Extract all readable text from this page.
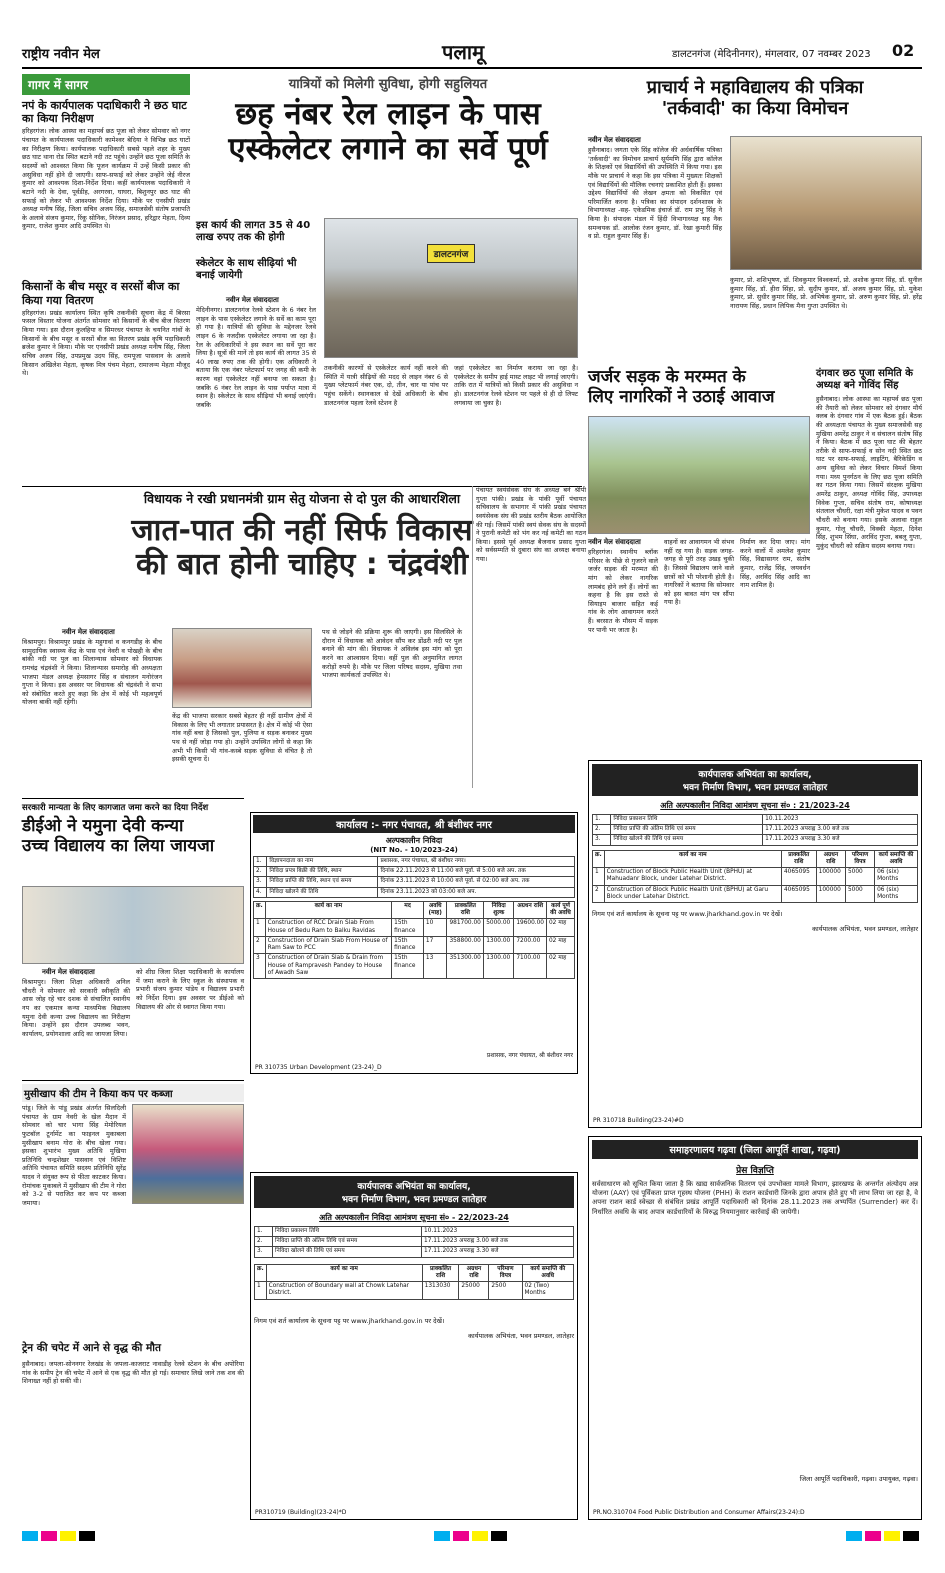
राष्ट्रीय नवीन मेल	पलामू	डालटनगंज (मेदिनीनगर), मंगलवार, 07 नवम्बर 2023 02
गागर में सागर
नपं के कार्यपालक पदाधिकारी ने छठ घाट का किया निरीक्षण
हरिहरगंज। लोक आस्था का महापर्व छठ पूजा को लेकर सोमवार को नगर पंचायत के कार्यपालक पदाधिकारी कामेश्वर बेदिया ने विभिन्न छठ घाटों का निरीक्षण किया। कार्यपालक पदाधिकारी सबसे पहले शहर के मुख्य छठ घाट थाना रोड स्थित बटाने नदी तट पहुंचे। उन्होंने छठ पूजा समिति के सदस्यों को आश्वस्त किया कि पूजन कार्यक्रम में उन्हें किसी प्रकार की असुविधा नहीं होने दी जाएगी। साफ-सफाई को लेकर उन्होंने जेई नीरज कुमार को आवश्यक दिशा-निर्देश दिया। कहीं कार्यपालक पदाधिकारी ने बटाने नदी के देवा, पूर्वडीह, अरगरवा, घाघरा, बिशुनपुर छठ घाट की सफाई को लेकर भी आवश्यक निर्देश दिया। मौके पर एनसीपी प्रखंड अध्यक्ष मनीष सिंह, जिला सचिव अजय सिंह, समाजसेवी संतोष प्रजापति के अलावे संजय कुमार, रिंकू सोनिक, निरंजन प्रसाद, हरिद्वार मेहता, दिव्य कुमार, राजेश कुमार आदि उपस्थित थे।
किसानों के बीच मसूर व सरसों बीज का किया गया वितरण
हरिहरगंज। प्रखंड कार्यालय स्थित कृषि तकनीकी सूचना केंद्र में बिरसा फसल विस्तार योजना अंतर्गत सोमवार को किसानों के बीच बीज वितरण किया गया। इस दौरान कुलहिया व सिमरधर पंचायत के चयनित गांवों के किसानों के बीच मसूर व सरसों बीज का वितरण प्रखंड कृषि पदाधिकारी ब्रजेश कुमार ने किया। मौके पर एनसीपी प्रखंड अध्यक्ष मनीष सिंह, जिला सचिव अजय सिंह, उपप्रमुख उदय सिंह, रामपूजा पासवान के अलावे किसान अखिलेश मेहता, कृषक मित्र पंचम मेहता, रामाजन्म मेहता मौजूद थे।
यात्रियों को मिलेगी सुविधा, होगी सहुलियत
छह नंबर रेल लाइन के पास
एस्केलेटर लगाने का सर्वे पूर्ण
इस कार्य की लागत 35 से 40 लाख रुपए तक की होगी
स्केलेटर के साथ सीढ़ियां भी बनाई जायेगी
नवीन मेल संवाददाता
मेदिनीनगर। डालटनगंज रेलवे स्टेशन के 6 नंबर रेल लाइन के पास एस्केलेटर लगाने के सर्वे का काम पूरा हो गया है। यात्रियों की सुविधा के मद्देनजर रेलवे लाइन 6 के नजदीक एस्केलेटर लगाया जा रहा है। रेल के अधिकारियों ने इस स्थान का सर्वे पूरा कर लिया है। सूत्रों की मानें तो इस कार्य की लागत 35 से 40 लाख रुपए तक की होगी। एक अधिकारी ने बताया कि एक नंबर प्लेटफार्म पर जगह की कमी के कारण वहां एस्केलेटर नहीं बनाया जा सकता है। जबकि 6 नंबर रेल लाइन के पास पर्याप्त मात्रा में स्थान है। स्केलेटर के साथ सीढ़ियां भी बनाई जाएंगी। जबकि
डालटनगंज
तकनीकी कारणों से एस्केलेटर कार्य नहीं करने की स्थिति में यात्री सीढ़ियों की मदद से लाइन नंबर 6 से मुख्य प्लेटफार्म नंबर एक, दो, तीन, चार या पांच पर पहुंच सकेंगे। स्थानकाल से देखें अधिकारी के बीच डालटनगंज पहला रेलवे स्टेशन है
जहां एस्केलेटर का निर्माण कराया जा रहा है। एस्केलेटर के समीप हाई मास्ट लाइट भी लगाई जाएगी। ताकि रात में यात्रियों को किसी प्रकार की असुविधा न हो। डालटनगंज रेलवे स्टेशन पर पहले से ही दो लिफ्ट लगवाया जा चुका है।
प्राचार्य ने महाविद्यालय की पत्रिका
'तर्कवादी' का किया विमोचन
नवीन मेल संवाददाता
हुसैनाबाद। जगता एके सिंह कॉलेज की अर्धवार्षिक पत्रिका 'तर्कवादी' का विमोचन प्राचार्य सूर्यमणि सिंह द्वारा कॉलेज के शिक्षकों एवं विद्यार्थियों की उपस्थिति में किया गया। इस मौके पर प्राचार्य ने कहा कि इस पत्रिका में मुख्यतः शिक्षकों एवं विद्यार्थियों की मौलिक रचनाएं प्रकाशित होती हैं। इसका उद्देश्य विद्यार्थियों की लेखन क्षमता को विकसित एवं परिमार्जित करना है। पत्रिका का संपादन दर्शनशास्त्र के विभागाध्यक्ष -सह- एकेडमिक इंचार्ज डॉ. राम प्रभु सिंह ने किया है। संपादक मंडल में हिंदी विभागाध्यक्ष सह नैक समन्वयक डॉ. आलोक रंजन कुमार, डॉ. रेखा कुमारी सिंह व प्रो. राहुल कुमार सिंह हैं।
कुमार, प्रो. शशिभूषण, डॉ. शिवकुमार विश्वकर्मा, प्रो. अशोक कुमार सिंह, डॉ. सुनील कुमार सिंह, डॉ. हीरा सिंहा, प्रो. सुदीप कुमार, डॉ. अजय कुमार सिंह, प्रो. मुकेश कुमार, प्रो. सुधीर कुमार सिंह, प्रो. अभिषेक कुमार, प्रो. अरुण कुमार सिंह, प्रो. हरेंद्र नारायण सिंह, प्रधान लिपिक मैना गुप्ता उपस्थित थे।
जर्जर सड़क के मरम्मत के
लिए नागरिकों ने उठाई आवाज
नवीन मेल संवाददाता
हरिहरगंज। स्थानीय ब्लॉक परिसर के पीछे से गुजरने वाले जर्जर सड़क की मरम्मत की मांग को लेकर नागरिक लामबंद होने लगे हैं। लोगों का कहना है कि इस रास्ते से सियाइप बाजार सहित कई गांव के लोग आवागमन करते हैं। बरसात के मौसम में सड़क पर पानी भर जाता है।
वाहनों का आवागमन भी संभव नहीं रह गया है। सड़क जगह-जगह से पूरी तरह उखड़ चुकी है। जिससे विद्यालय जाने वाले छात्रों को भी परेशानी होती है। नागरिकों ने बताया कि सोमवार को इस बावत मांग पत्र सौंपा गया है।
निर्माण कर दिया जाए। मांग करने वालों में अमलेश कुमार सिंह, विद्यासागर राम, संतोष कुमार, राजेंद्र सिंह, जयवर्धन सिंह, अरविंद सिंह आदि का नाम शामिल है।
दंगवार छठ पूजा समिति के अध्यक्ष बने गोविंद सिंह
हुसैनाबाद। लोक आस्था का महापर्व छठ पूजा की तैयारी को लेकर सोमवार को दंगवार मौर्य क्लब के दंगवार गांव में एक बैठक हुई। बैठक की अध्यक्षता पंचायत के मुख्य समाजसेवी सह मुखिया अमरेंद्र ठाकुर ने व संचालन संतोष सिंह ने किया। बैठक में छठ पूजा घाट की बेहतर तरीके से साफ-सफाई व सोन नदी स्थित छठ घाट पर साफ-सफाई, लाइटिंग, बैरिकेडिंग व अन्य सुविधा को लेकर विचार विमर्श किया गया। मध्य पुनर्गठन के लिए छठ पूजा समिति का गठन किया गया। जिसमें संरक्षक मुखिया अमरेंद्र ठाकुर, अध्यक्ष गोविंद सिंह, उपाध्यक्ष विवेक गुप्ता, सचिव संतोष राम, कोषाध्यक्ष संतलाल चौधरी, रक्षा मंत्री मुकेश यादव व पवन चौधरी को बनाया गया। इसके अलावा राहुल कुमार, गोलू चौधरी, विक्की मेहता, दिनेश सिंह, शुभम सिंघा, अरविंद गुप्ता, बबलू गुप्ता, मुकुंद चौधरी को सक्रिय सदस्य बनाया गया।
विधायक ने रखी प्रधानमंत्री ग्राम सेतु योजना से दो पुल की आधारशिला
जात-पात की नहीं सिर्फ विकास
की बात होनी चाहिए : चंद्रवंशी
नवीन मेल संवाददाता
विश्रामपुर। विश्रामपुर प्रखंड के महुगावां व कनगडीह के बीच सामुदायिक स्वास्थ्य केंद्र के पास एवं नेवरी व पोखही के बीच बांकी नदी पर पुल का शिलान्यास सोमवार को विधायक रामचंद्र चंद्रवंशी ने किया। शिलान्यास समारोह की अध्यक्षता भाजपा मंडल अध्यक्ष हेमसागर सिंह व संचालन मनोरंजन गुप्ता ने किया। इस अवसर पर विधायक श्री चंद्रवंशी ने सभा को संबोधित करते हुए कहा कि क्षेत्र में कोई भी महत्वपूर्ण योजना बाकी नहीं रहेगी।
केंद्र की भाजपा सरकार सबसे बेहतर ही नहीं ग्रामीण क्षेत्रों में विकास के लिए भी लगातार प्रयासरत है। क्षेत्र में कोई भी ऐसा गांव नहीं बचा है जिसको पुल, पुलिया व सड़क बनाकर मुख्य पथ से नहीं जोड़ा गया हो। उन्होंने उपस्थित लोगों से कहा कि अभी भी किसी भी गांव-कस्बे सड़क सुविधा से वंचित है तो इसकी सूचना दें।
पथ से जोड़ने की प्रक्रिया शुरू की जाएगी। इस सिलसिले के दौरान में विधायक को आवेदन सौंप कर डोंढरी नदी पर पुल बनाने की मांग की। विधायक ने अविलंब इस मांग को पूरा करने का आश्वासन दिया। वहीं पुल की अनुमानित लागत करोड़ों रुपये है। मौके पर जिला परिषद सदस्य, मुखिया तथा भाजपा कार्यकर्ता उपस्थित थे।
पंचायत स्वयंसेवक संघ के अध्यक्ष बने श्रीपी गुप्ता पांकी। प्रखंड के पांकी पूर्वी पंचायत सचिवालय के सभागार में पांकी प्रखंड पंचायत स्वयंसेवक संघ की प्रखंड स्तरीय बैठक आयोजित की गई। जिसमें पांकी स्वयं सेवक संघ के सदस्यों ने पुरानी कमेटी को भंग कर नई कमेटी का गठन किया। इससे पूर्व अध्यक्ष बैजनाथ प्रसाद गुप्ता को सर्वसम्मति से दुबारा संघ का अध्यक्ष बनाया गया।
सरकारी मान्यता के लिए कागजात जमा करने का दिया निर्देश
डीईओ ने यमुना देवी कन्या
उच्च विद्यालय का लिया जायजा
नवीन मेल संवाददाता
विश्रामपुर। जिला शिक्षा अधिकारी अनिल चौधरी ने सोमवार को सरकारी स्वीकृति की आस जोह रहे चार दशक से संचालित स्थानीय नप का एकमात्र कन्या माध्यमिक विद्यालय यमुना देवी कन्या उच्च विद्यालय का निरीक्षण किया। उन्होंने इस दौरान उपलब्ध भवन, कार्यालय, प्रयोगशाला आदि का जायजा लिया।
को शीघ्र जिला शिक्षा पदाधिकारी के कार्यालय में जमा कराने के लिए स्कूल के संस्थापक व प्रभारी संजय कुमार पांडेय व विद्यालय प्रभारी को निर्देश दिया। इस अवसर पर डीईओ को विद्यालय की ओर से स्वागत किया गया।
कार्यालय :- नगर पंचायत, श्री बंशीधर नगर
अल्पकालीन निविदा
(NIT No. - 10/2023-24)
1.	विज्ञापनदाता का नाम	प्रशासक, नगर पंचायत, श्री बंशीधर नगर।
2.	निविदा प्रपत्र बिक्री की तिथि, स्थान	दिनांक 22.11.2023 से 11:00 बजे पूर्वा. से 5:00 बजे अप. तक
3.	निविदा प्राप्ति की तिथि, स्थान एवं समय	दिनांक 23.11.2023 से 10:00 बजे पूर्वा. से 02:00 बजे अप. तक
4.	निविदा खोलने की तिथि	दिनांक 23.11.2023 को 03:00 बजे अप.
क्र.	कार्य का नाम	मद	अवधि (माह)	प्राक्कलित राशि	निविदा शुल्क	अग्रधन राशि	कार्य पूर्ण की अवधि
1	Construction of RCC Drain Slab From House of Bedu Ram to Balku Ravidas	15th finance	10	981700.00	5000.00	19600.00	02 माह
2	Construction of Drain Slab From House of Ram Saw to PCC	15th finance	17	358800.00	1300.00	7200.00	02 माह
3	Construction of Drain Slab & Drain from House of Rampravesh Pandey to House of Awadh Saw	15th finance	13	351300.00	1300.00	7100.00	02 माह
प्रशासक, नगर पंचायत, श्री बंशीधर नगर
PR 310735 Urban Development (23-24)_D
कार्यपालक अभियंता का कार्यालय,
भवन निर्माण विभाग, भवन प्रमण्डल लातेहार
अति अल्पकालीन निविदा आमंत्रण सूचना सं० : 21/2023-24
1.	निविदा प्रकाशन तिथि	10.11.2023
2.	निविदा प्राप्ति की अंतिम तिथि एवं समय	17.11.2023 अपराह्न 3.00 बजे तक
3.	निविदा खोलने की तिथि एवं समय	17.11.2023 अपराह्न 3.30 बजे
क्र.	कार्य का नाम	प्राक्कलित राशि	अग्रधन राशि	परिमाण विपत्र	कार्य समाप्ति की अवधि
1	Construction of Block Public Health Unit (BPHU) at Mahuadanr Block, under Latehar District.	4065095	100000	5000	06 (six) Months
2	Construction of Block Public Health Unit (BPHU) at Garu Block under Latehar District.	4065095	100000	5000	06 (six) Months
निगम एवं शर्त कार्यालय के सूचना पट्ट पर www.jharkhand.gov.in पर देखें।
कार्यपालक अभियंता, भवन प्रमण्डल, लातेहार
PR 310718 Building(23-24)#D
मुसीखाप की टीम ने किया कप पर कब्जा
पांडू। जिले के पांडू प्रखंड अंतर्गत सिलदिली पंचायत के ग्राम नेवरी के खेल मैदान में सोमवार को चार भागा सिंह मेमोरियल फुटबॉल टूर्नामेंट का फाइनल मुकाबला मुसीखाप बनाम गोरा के बीच खेला गया। इसका शुभारंभ मुख्य अतिथि मुखिया प्रतिनिधि चन्द्रशेखर पासवान एवं विशिष्ट अतिथि पंचायत समिति सदस्य प्रतिनिधि सुरेंद्र यादव ने संयुक्त रूप से फीता काटकर किया। रोमांचक मुकाबले में मुसीखाप की टीम ने गोरा को 3-2 से पराजित कर कप पर कब्जा जमाया।
ट्रेन की चपेट में आने से वृद्ध की मौत
हुसैनाबाद। जपला-सोननगर रेलखंड के जपला-काजराट नावाडीह रेलवे स्टेशन के बीच अपोरिया गांव के समीप ट्रेन की चपेट में आने से एक वृद्ध की मौत हो गई। समाचार लिखे जाने तक शव की शिनाख्त नहीं हो सकी थी।
कार्यपालक अभियंता का कार्यालय,
भवन निर्माण विभाग, भवन प्रमण्डल लातेहार
अति अल्पकालीन निविदा आमंत्रण सूचना सं० - 22/2023-24
1.	निविदा प्रकाशन तिथि	10.11.2023
2.	निविदा प्राप्ति की अंतिम तिथि एवं समय	17.11.2023 अपराह्न 3.00 बजे तक
3.	निविदा खोलने की तिथि एवं समय	17.11.2023 अपराह्न 3.30 बजे
क्र.	कार्य का नाम	प्राक्कलित राशि	अग्रधन राशि	परिमाण विपत्र	कार्य समाप्ति की अवधि
1	Construction of Boundary wall at Chowk Latehar District.	1313030	25000	2500	02 (Two) Months
निगम एवं शर्त कार्यालय के सूचना पट्ट पर www.jharkhand.gov.in पर देखें।
कार्यपालक अभियंता, भवन प्रमण्डल, लातेहार
PR310719 (Building)(23-24)*D
समाहरणालय गढ़वा (जिला आपूर्ति शाखा, गढ़वा)
प्रेस विज्ञप्ति
सर्वसाधारण को सूचित किया जाता है कि खाद्य सार्वजनिक वितरण एवं उपभोक्ता मामले विभाग, झारखण्ड के अन्तर्गत अंत्योदय अन्न योजना (AAY) एवं पूर्विकता प्राप्त गृहस्थ योजना (PHH) के राशन कार्डधारी जिनके द्वारा अपात्र होते हुए भी लाभ लिया जा रहा है, वे अपना राशन कार्ड स्वेच्छा से संबंधित प्रखंड आपूर्ति पदाधिकारी को दिनांक 28.11.2023 तक अभ्यर्पित (Surrender) कर दें। निर्धारित अवधि के बाद अपात्र कार्डधारियों के विरुद्ध नियमानुसार कार्रवाई की जायेगी।
जिला आपूर्ति पदाधिकारी, गढ़वा। उपायुक्त, गढ़वा।
PR.NO.310704 Food Public Distribution and Consumer Affairs(23-24):D
